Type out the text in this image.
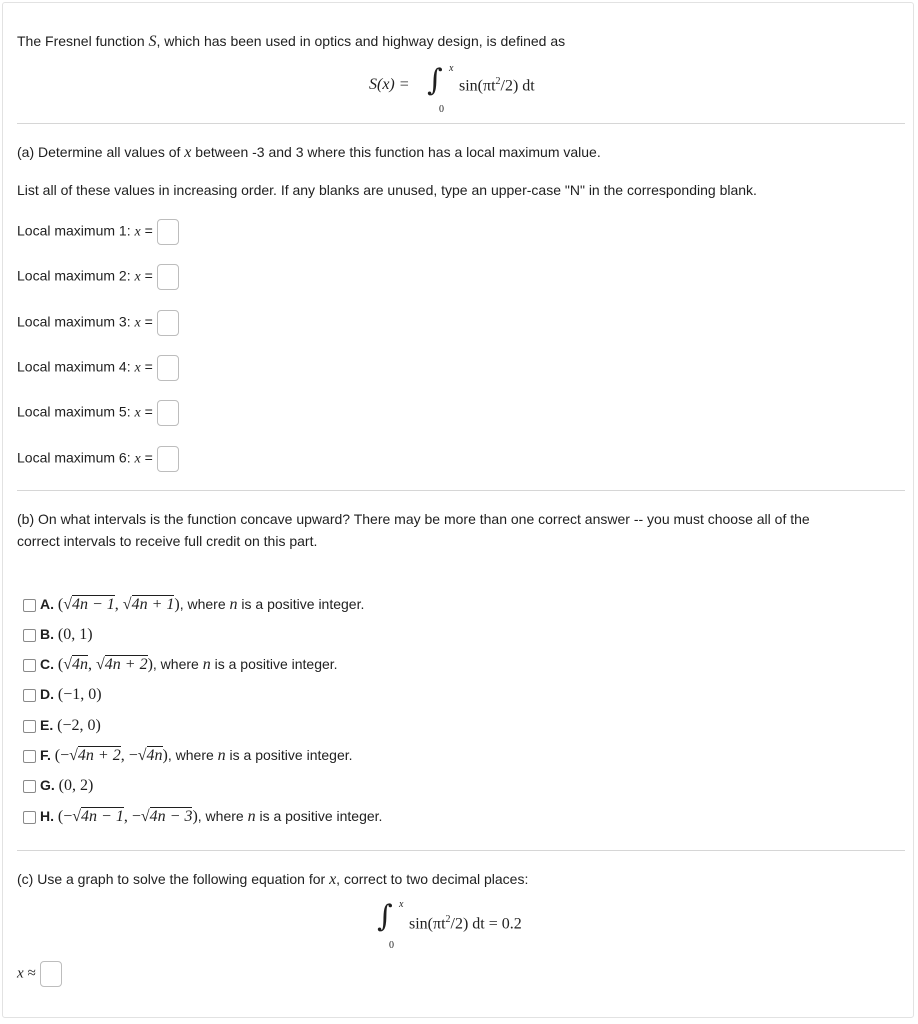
The Fresnel function S, which has been used in optics and highway design, is defined as
S(x) = ∫ x
0
$\sin(\pi t^2/2)$ dt
(a) Determine all values of x between -3 and 3 where this function has a local maximum value.
List all of these values in increasing order. If any blanks are unused, type an upper-case "N" in the corresponding blank.
Local maximum 1: x =
Local maximum 2: x =
Local maximum 3: x =
Local maximum 4: x =
Local maximum 5: x =
Local maximum 6: x =
(b) On what intervals is the function concave upward? There may be more than one correct answer -- you must choose all of the
correct intervals to receive full credit on this part.
A. (√4n − 1, √4n + 1), where n is a positive integer.
B. (0, 1)
C. (√4n, √4n + 2), where n is a positive integer.
D. (−1, 0)
E. (−2, 0)
F. (−√4n + 2, −√4n), where n is a positive integer.
G. (0, 2)
H. (−√4n − 1, −√4n − 3), where n is a positive integer.
(c) Use a graph to solve the following equation for x, correct to two decimal places:
∫ x
0
$\sin(\pi t^2/2)$ dt = 0.2
x ≈
